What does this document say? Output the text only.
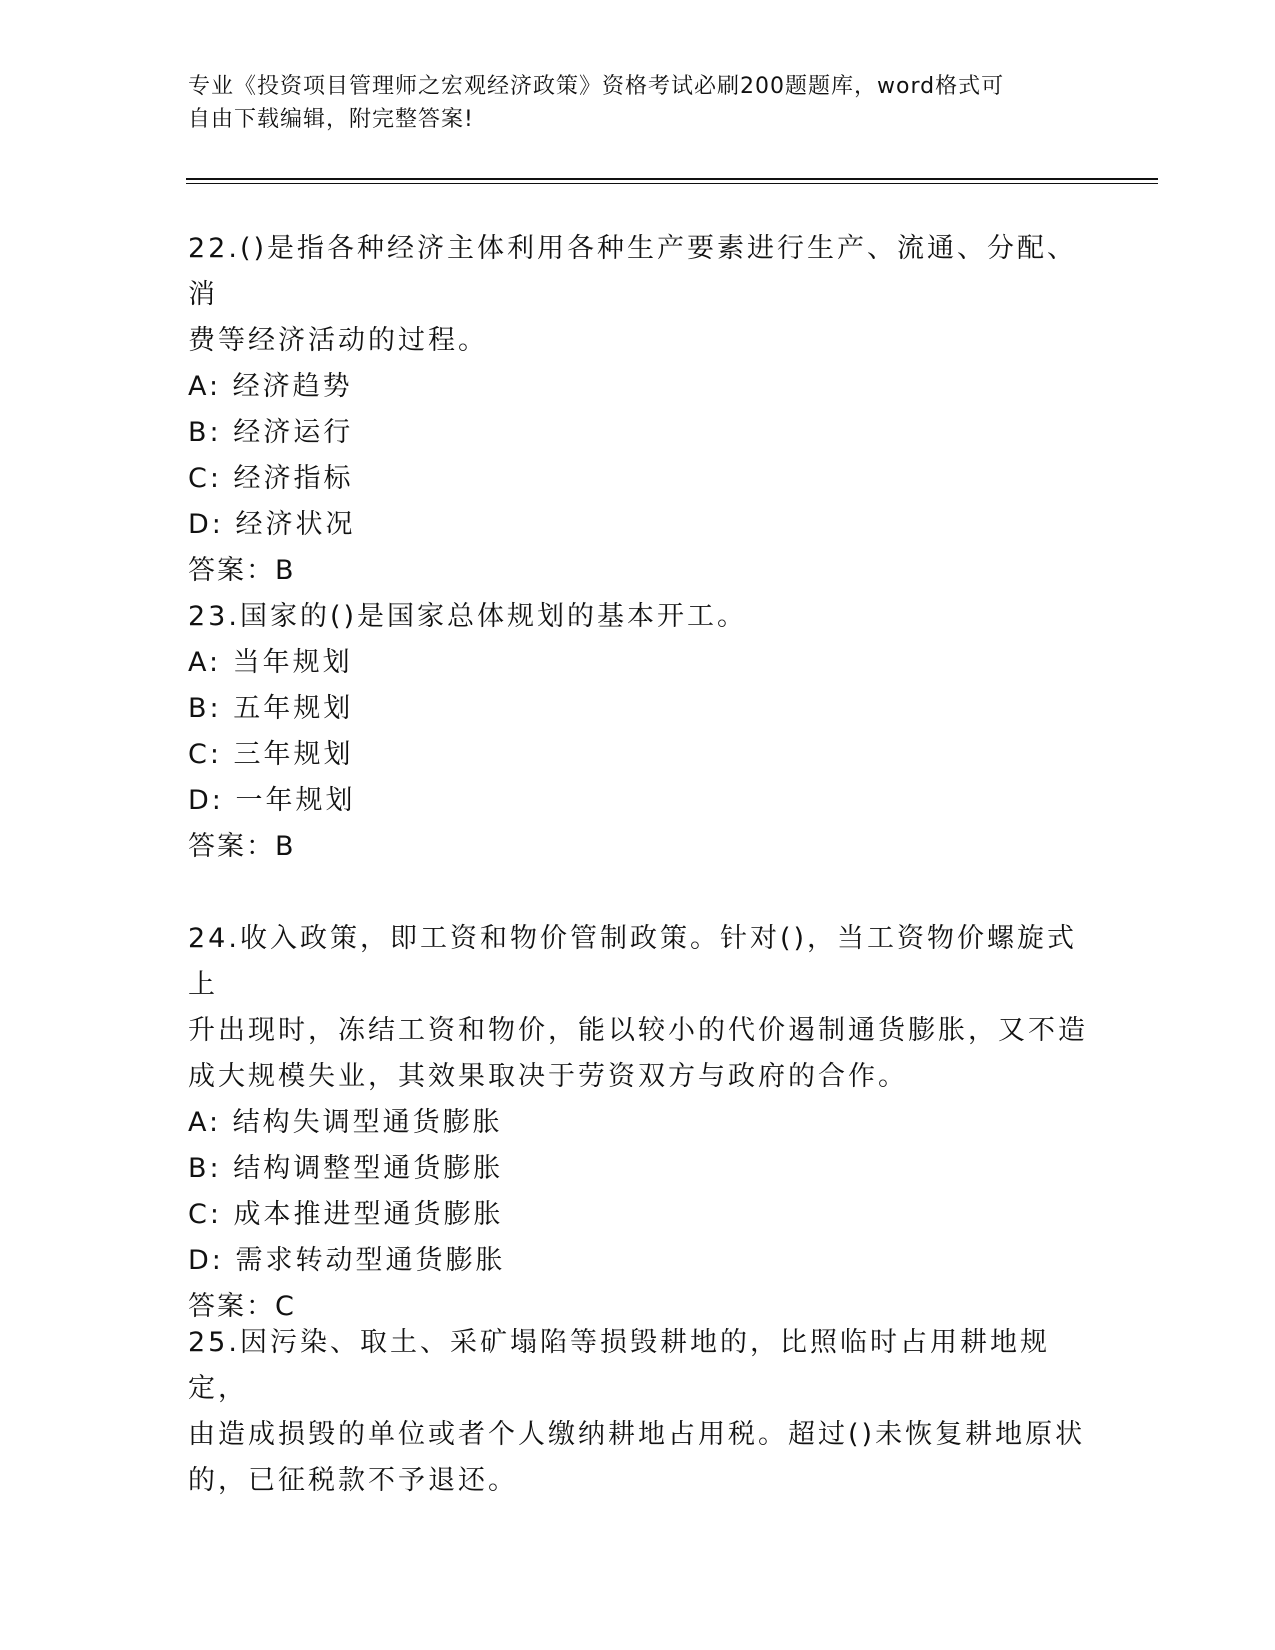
专业《投资项目管理师之宏观经济政策》资格考试必刷200题题库，word格式可
自由下载编辑，附完整答案!

22.()是指各种经济主体利用各种生产要素进行生产、流通、分配、消

费等经济活动的过程。

A: 经济趋势

B: 经济运行

C: 经济指标

D: 经济状况

答案：B

23.国家的()是国家总体规划的基本开工。

A: 当年规划

B: 五年规划

C: 三年规划

D: 一年规划

答案：B

24.收入政策，即工资和物价管制政策。针对()，当工资物价螺旋式上

升出现时，冻结工资和物价，能以较小的代价遏制通货膨胀，又不造

成大规模失业，其效果取决于劳资双方与政府的合作。

A: 结构失调型通货膨胀

B: 结构调整型通货膨胀

C: 成本推进型通货膨胀

D: 需求转动型通货膨胀

答案：C

25.因污染、取土、采矿塌陷等损毁耕地的，比照临时占用耕地规定，

由造成损毁的单位或者个人缴纳耕地占用税。超过()未恢复耕地原状

的，已征税款不予退还。
